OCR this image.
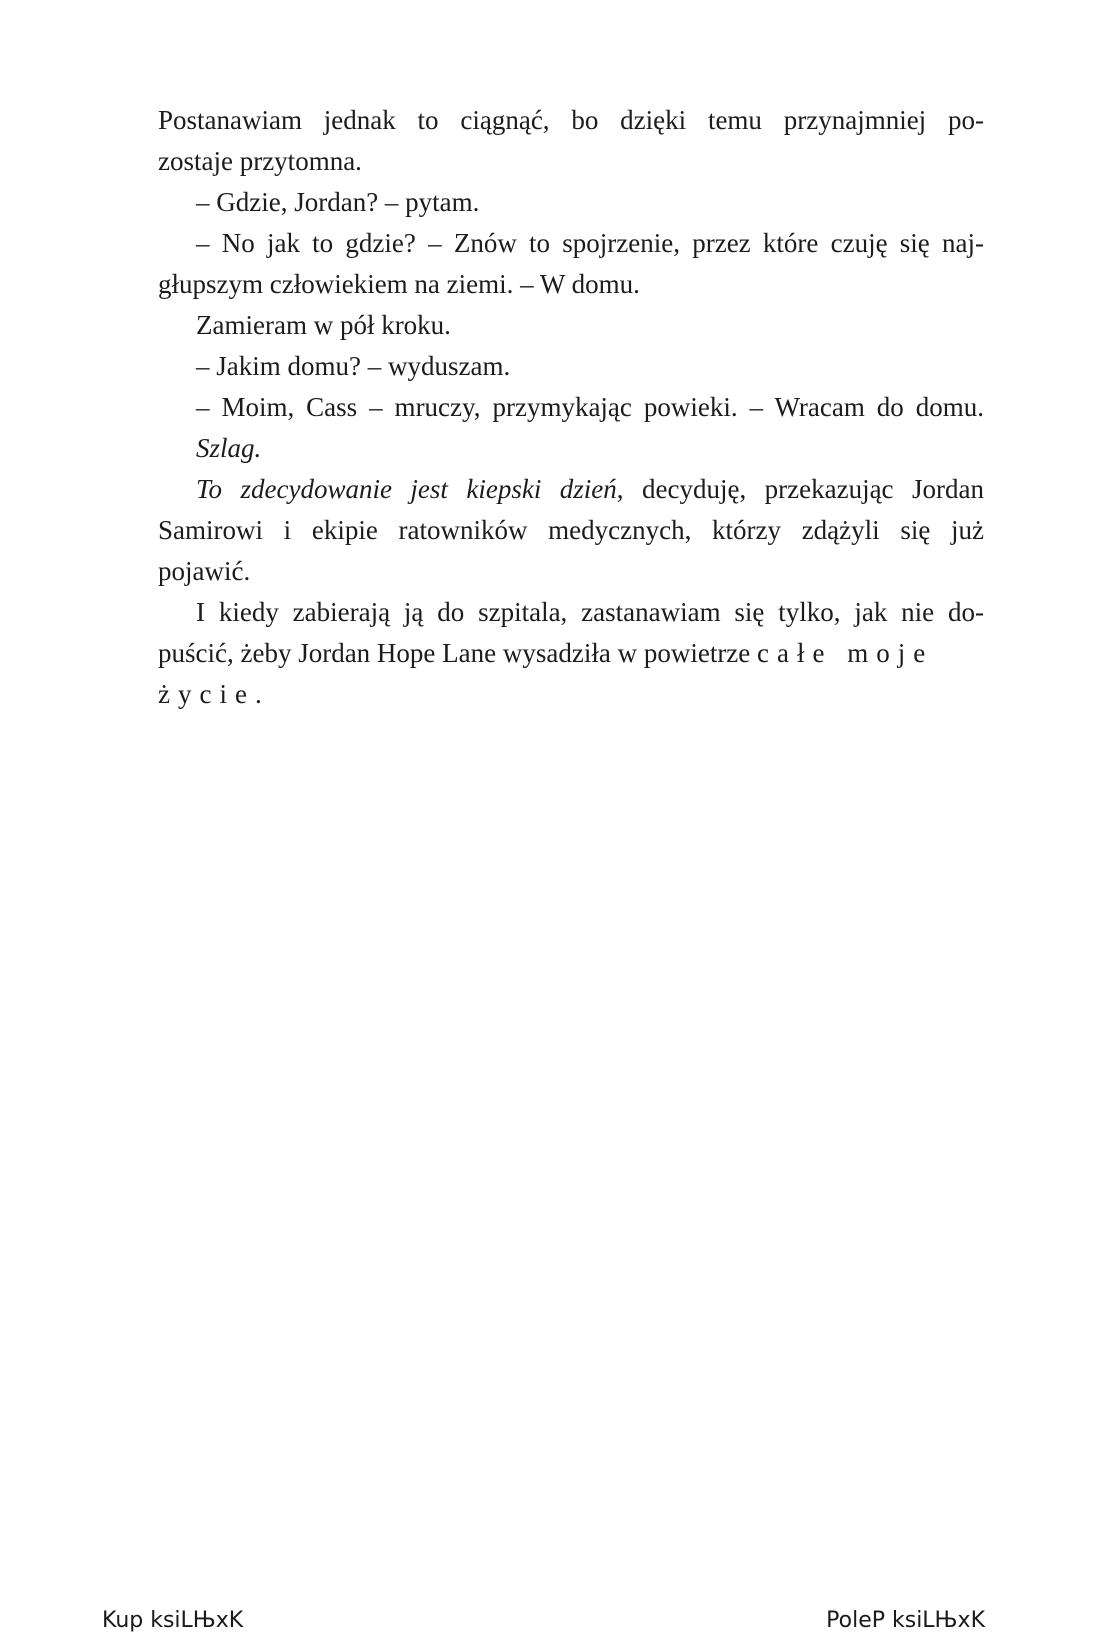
Postanawiam jednak to ciągnąć, bo dzięki temu przynajmniej po-
zostaje przytomna.
– Gdzie, Jordan? – pytam.
– No jak to gdzie? – Znów to spojrzenie, przez które czuję się naj-
głupszym człowiekiem na ziemi. – W domu.
Zamieram w pół kroku.
– Jakim domu? – wyduszam.
– Moim, Cass – mruczy, przymykając powieki. – Wracam do domu.
Szlag.
To zdecydowanie jest kiepski dzień, decyduję, przekazując Jordan
Samirowi i ekipie ratowników medycznych, którzy zdążyli się już
pojawić.
I kiedy zabierają ją do szpitala, zastanawiam się tylko, jak nie do-
puścić, żeby Jordan Hope Lane wysadziła w powietrze całe moje
życie.
Kup ksiLЊxK	PoleP ksiLЊxK
